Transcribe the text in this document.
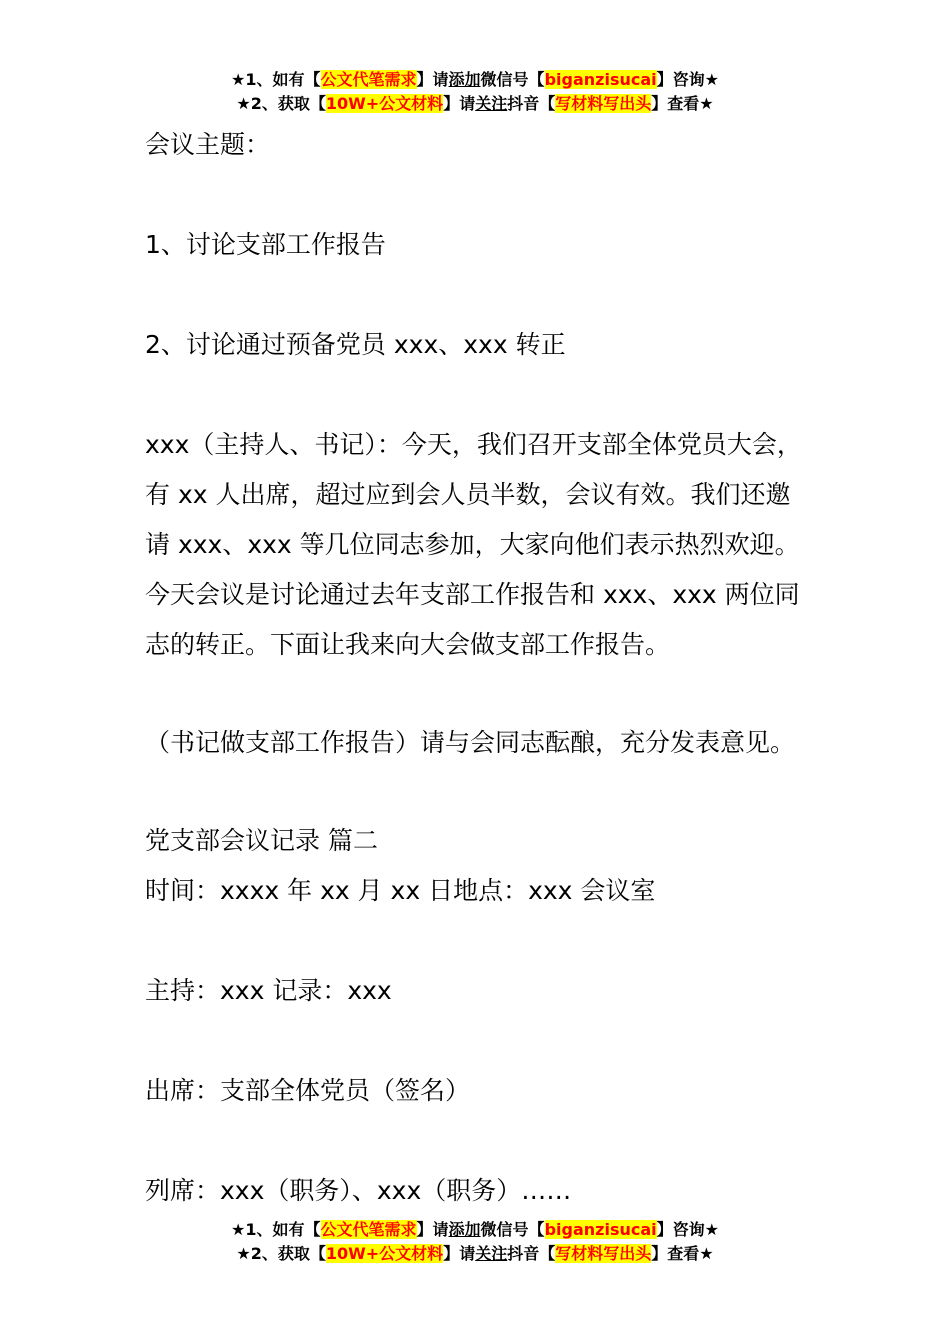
★1、如有【公文代笔需求】请添加微信号【biganzisucai】咨询★
★2、获取【10W+公文材料】请关注抖音【写材料写出头】查看★
会议主题：
1、讨论支部工作报告
2、讨论通过预备党员 xxx、xxx 转正
xxx（主持人、书记）：今天，我们召开支部全体党员大会，
有 xx 人出席，超过应到会人员半数，会议有效。我们还邀
请 xxx、xxx 等几位同志参加，大家向他们表示热烈欢迎。
今天会议是讨论通过去年支部工作报告和 xxx、xxx 两位同
志的转正。下面让我来向大会做支部工作报告。
（书记做支部工作报告）请与会同志酝酿，充分发表意见。
党支部会议记录 篇二
时间：xxxx 年 xx 月 xx 日地点：xxx 会议室
主持：xxx 记录：xxx
出席：支部全体党员（签名）
列席：xxx（职务）、xxx（职务）……
★1、如有【公文代笔需求】请添加微信号【biganzisucai】咨询★
★2、获取【10W+公文材料】请关注抖音【写材料写出头】查看★
